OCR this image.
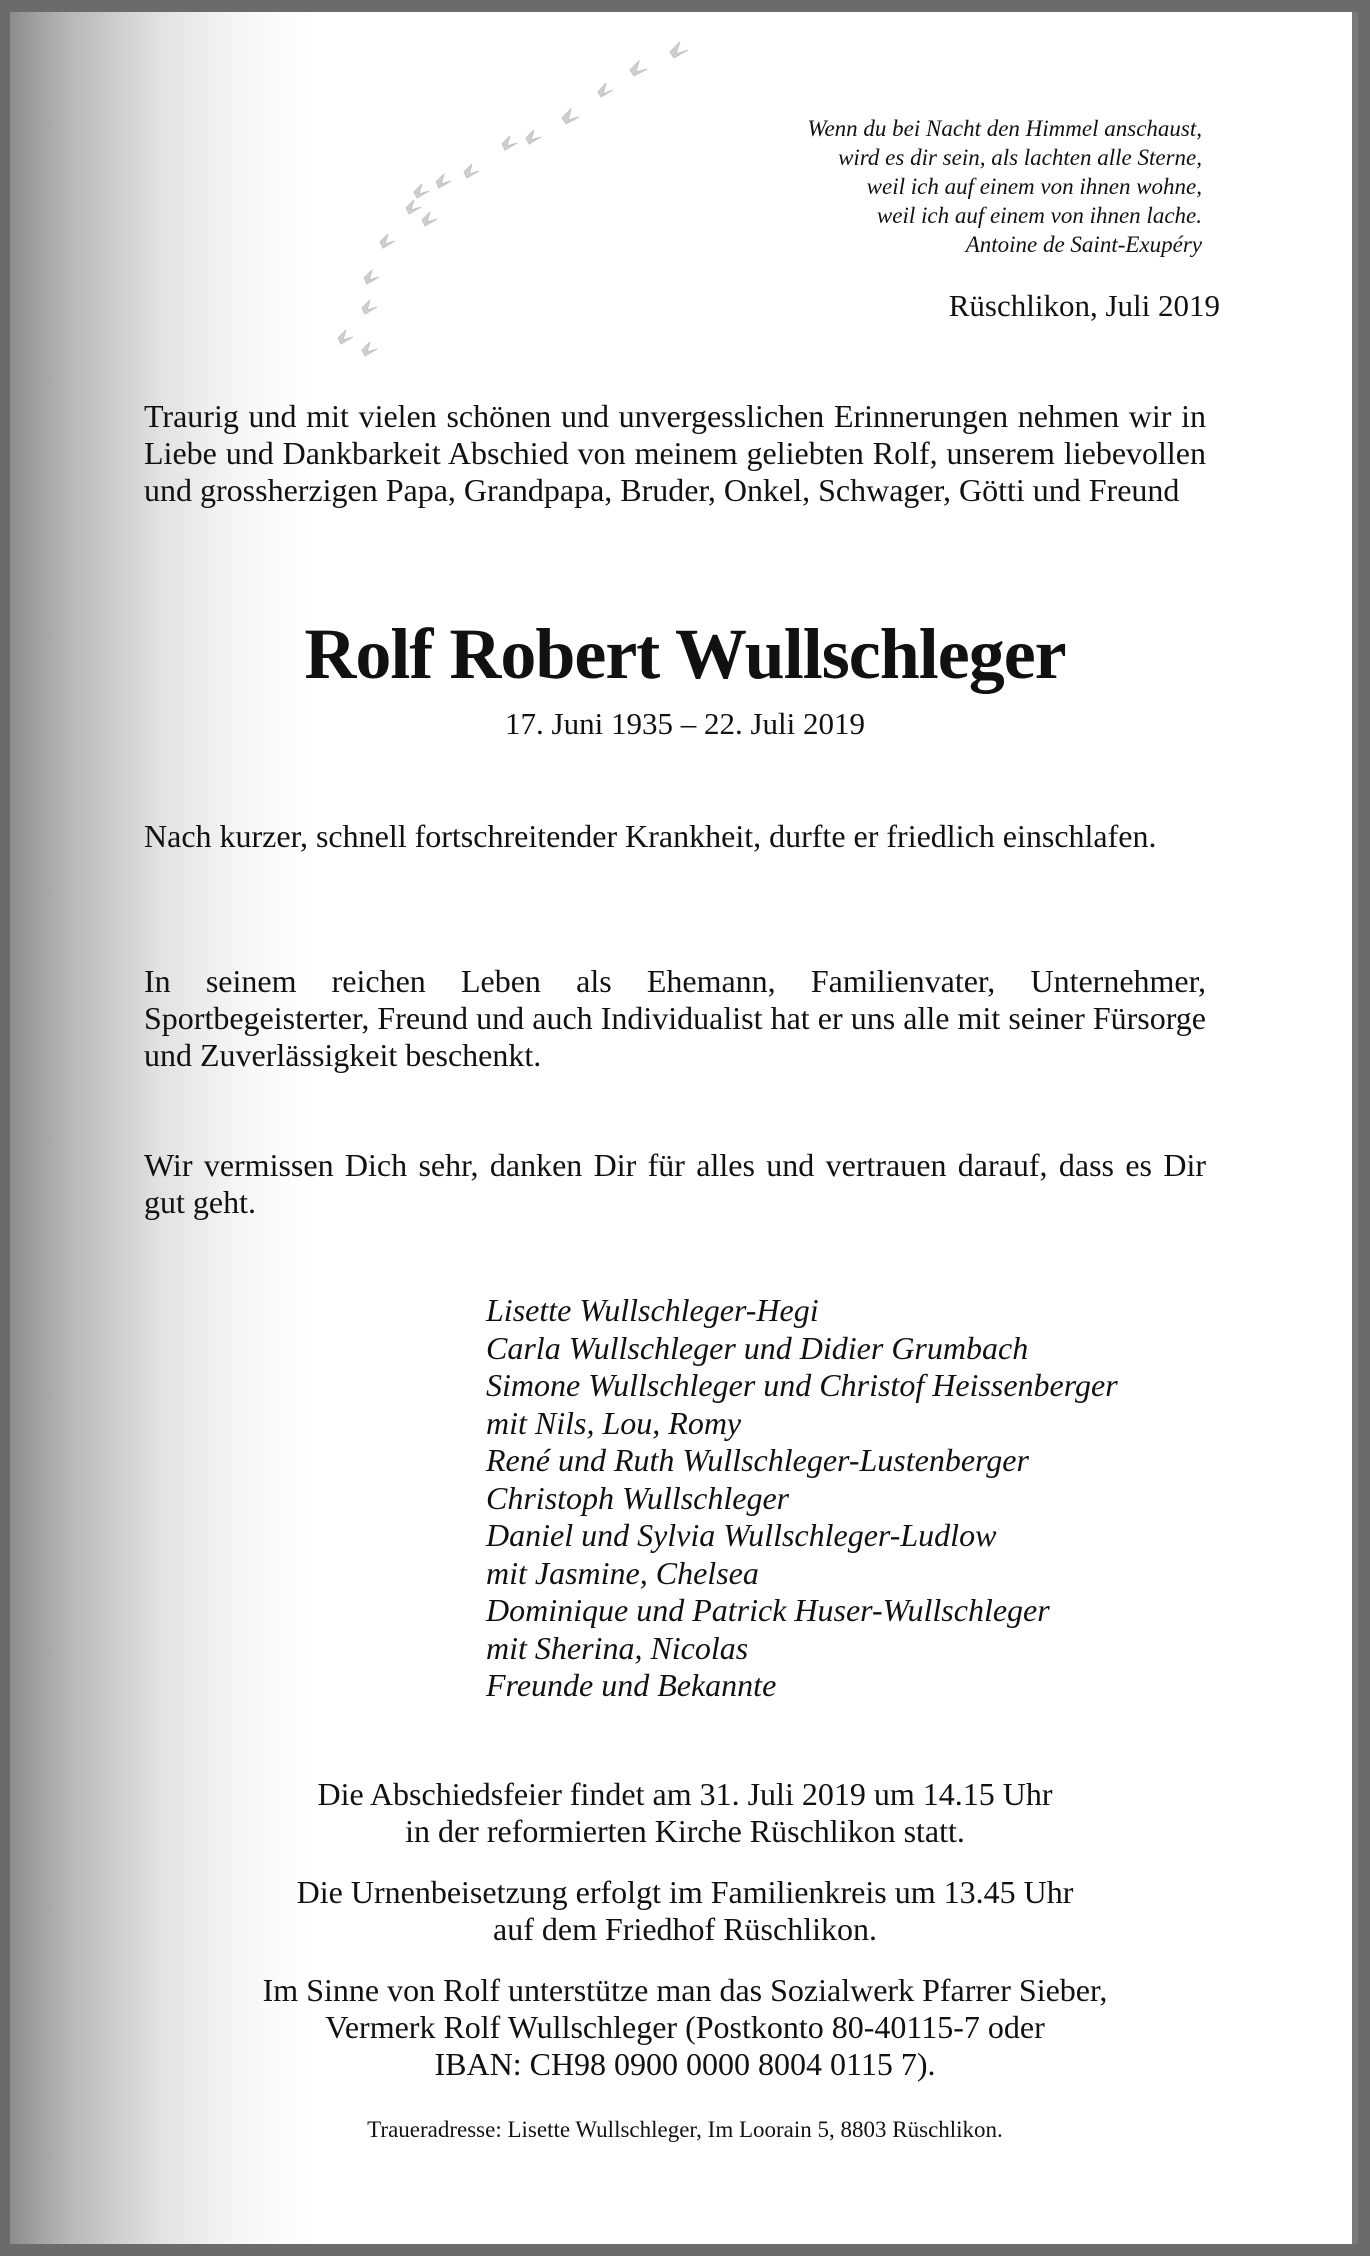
Wenn du bei Nacht den Himmel anschaust,
wird es dir sein, als lachten alle Sterne,
weil ich auf einem von ihnen wohne,
weil ich auf einem von ihnen lache.
Antoine de Saint-Exupéry
Rüschlikon, Juli 2019
Traurig und mit vielen schönen und unvergesslichen Erinnerungen nehmen wir in Liebe und Dankbarkeit Abschied von meinem geliebten Rolf, unserem liebevollen und grossherzigen Papa, Grandpapa, Bruder, Onkel, Schwager, Götti und Freund
Rolf Robert Wullschleger
17. Juni 1935 – 22. Juli 2019
Nach kurzer, schnell fortschreitender Krankheit, durfte er friedlich einschlafen.
In seinem reichen Leben als Ehemann, Familienvater, Unternehmer, Sportbegeisterter, Freund und auch Individualist hat er uns alle mit seiner Fürsorge und Zuverlässigkeit beschenkt.
Wir vermissen Dich sehr, danken Dir für alles und vertrauen darauf, dass es Dir gut geht.
Lisette Wullschleger-Hegi
Carla Wullschleger und Didier Grumbach
Simone Wullschleger und Christof Heissenberger
mit Nils, Lou, Romy
René und Ruth Wullschleger-Lustenberger
Christoph Wullschleger
Daniel und Sylvia Wullschleger-Ludlow
mit Jasmine, Chelsea
Dominique und Patrick Huser-Wullschleger
mit Sherina, Nicolas
Freunde und Bekannte
Die Abschiedsfeier findet am 31. Juli 2019 um 14.15 Uhr
in der reformierten Kirche Rüschlikon statt.
Die Urnenbeisetzung erfolgt im Familienkreis um 13.45 Uhr
auf dem Friedhof Rüschlikon.
Im Sinne von Rolf unterstütze man das Sozialwerk Pfarrer Sieber,
Vermerk Rolf Wullschleger (Postkonto 80-40115-7 oder
IBAN: CH98 0900 0000 8004 0115 7).
Traueradresse: Lisette Wullschleger, Im Loorain 5, 8803 Rüschlikon.
